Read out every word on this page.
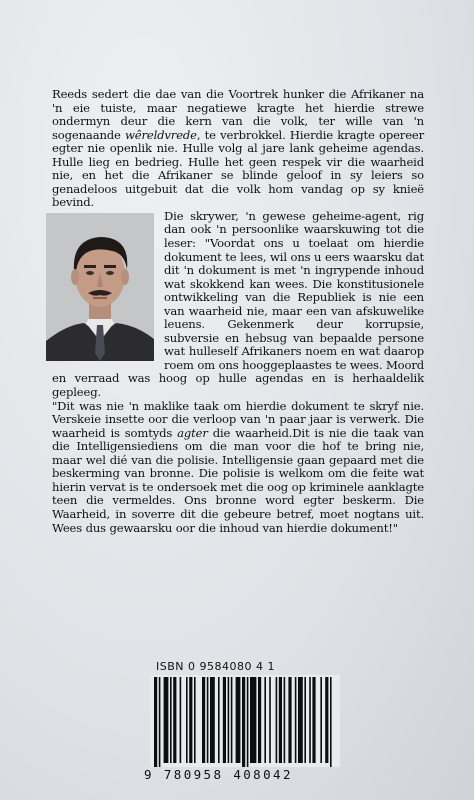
Reeds sedert die dae van die Voortrek hunker die Afrikaner na 'n eie tuiste, maar negatiewe kragte het hierdie strewe ondermyn deur die kern van die volk, ter wille van 'n sogenaande wêreldvrede, te verbrokkel. Hierdie kragte opereer egter nie openlik nie. Hulle volg al jare lank geheime agendas. Hulle lieg en bedrieg. Hulle het geen respek vir die waarheid nie, en het die Afrikaner se blinde geloof in sy leiers so genadeloos uitgebuit dat die volk hom vandag op sy knieë bevind.

Die skrywer, 'n gewese geheime-agent, rig dan ook 'n persoonlike waarskuwing tot die leser: "Voordat ons u toelaat om hierdie dokument te lees, wil ons u eers waarsku dat dit 'n dokument is met 'n ingrypende inhoud wat skokkend kan wees. Die konstitusionele ontwikkeling van die Republiek is nie een van waarheid nie, maar een van afskuwelike leuens. Gekenmerk deur korrupsie, subversie en hebsug van bepaalde persone wat hulleself Afrikaners noem en wat daarop roem om ons hooggeplaastes te wees. Moord en verraad was hoog op hulle agendas en is herhaaldelik gepleeg.

"Dit was nie 'n maklike taak om hierdie dokument te skryf nie. Verskeie insette oor die verloop van 'n paar jaar is verwerk. Die waarheid is somtyds agter die waarheid.Dit is nie die taak van die Intelligensiediens om die man voor die hof te bring nie, maar wel dié van die polisie. Intelligensie gaan gepaard met die beskerming van bronne. Die polisie is welkom om die feite wat hierin vervat is te ondersoek met die oog op kriminele aanklagte teen die vermeldes. Ons bronne word egter beskerm. Die Waarheid, in soverre dit die gebeure betref, moet nogtans uit. Wees dus gewaarsku oor die inhoud van hierdie dokument!"

ISBN 0 9584080 4 1
9 780958 408042
